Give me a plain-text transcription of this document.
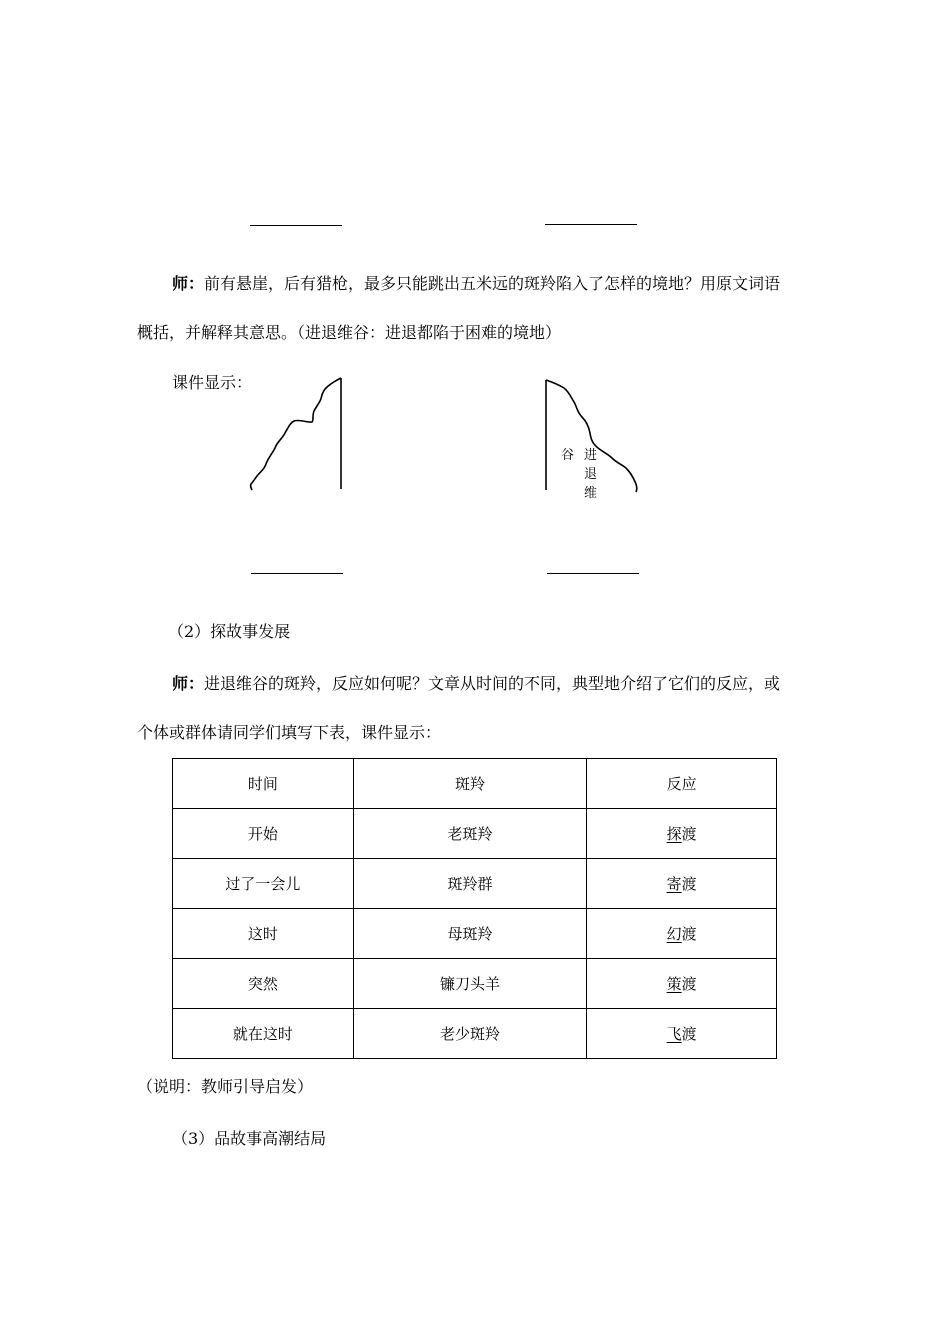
师：前有悬崖，后有猎枪，最多只能跳出五米远的斑羚陷入了怎样的境地？用原文词语
概括，并解释其意思。（进退维谷：进退都陷于困难的境地）
课件显示：
谷 进
退
维
（2）探故事发展
师：进退维谷的斑羚，反应如何呢？文章从时间的不同，典型地介绍了它们的反应，或
个体或群体请同学们填写下表，课件显示：
时间	斑羚	反应
开始	老斑羚	探渡
过了一会儿	斑羚群	寄渡
这时	母斑羚	幻渡
突然	镰刀头羊	策渡
就在这时	老少斑羚	飞渡
（说明：教师引导启发）
（3）品故事高潮结局
